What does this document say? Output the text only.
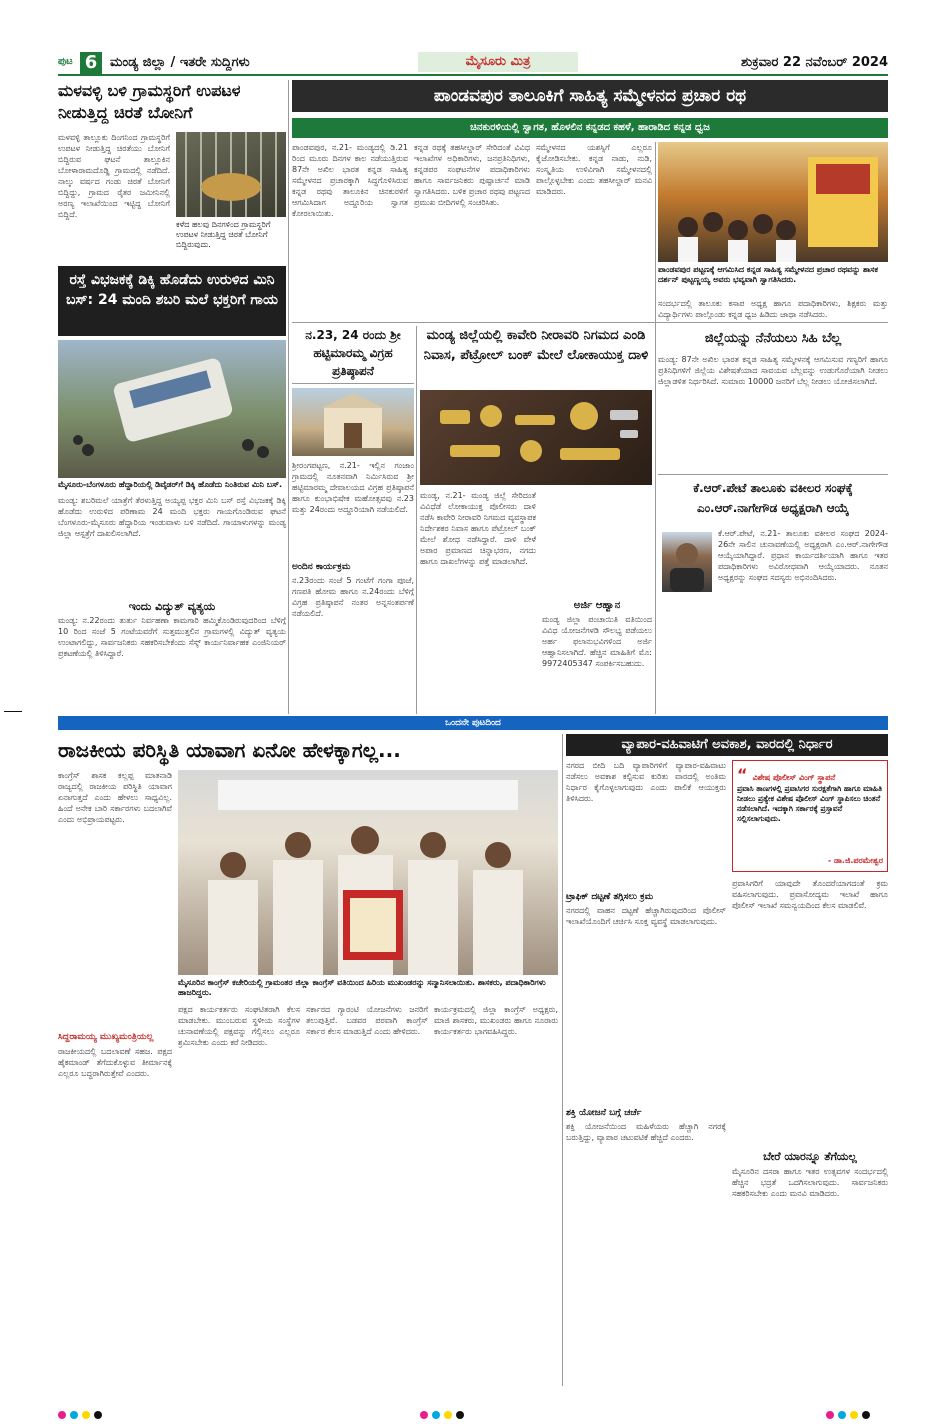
ಪುಟ 6 ಮಂಡ್ಯ ಜಿಲ್ಲಾ / ಇತರೇ ಸುದ್ದಿಗಳು	ಮೈಸೂರು ಮಿತ್ರ	ಶುಕ್ರವಾರ 22 ನವೆಂಬರ್ 2024
ಮಳವಳ್ಳಿ ಬಳಿ ಗ್ರಾಮಸ್ಥರಿಗೆ ಉಪಟಳ ನೀಡುತ್ತಿದ್ದ ಚಿರತೆ ಬೋನಿಗೆ
ಮಳವಳ್ಳಿ ತಾಲ್ಲೂಕು ದಿಂಗನಿಂದ ಗ್ರಾಮಸ್ಥರಿಗೆ ಉಪಟಳ ನೀಡುತ್ತಿದ್ದ ಚಿರತೆಯು ಬೋನಿಗೆ ಬಿದ್ದಿರುವ ಘಟನೆ ತಾಲ್ಲೂಕಿನ ಬೋಳಾರಾಮದೊಡ್ಡಿ ಗ್ರಾಮದಲ್ಲಿ ನಡೆದಿದೆ. ನಾಲ್ಕು ವರ್ಷದ ಗಂಡು ಚಿರತೆ ಬೋನಿಗೆ ಬಿದ್ದಿದ್ದು, ಗ್ರಾಮದ ರೈತರ ಜಮೀನಿನಲ್ಲಿ ಅರಣ್ಯ ಇಲಾಖೆಯಿಂದ ಇಟ್ಟಿದ್ದ ಬೋನಿಗೆ ಬಿದ್ದಿದೆ.
ಕಳೆದ ಹಲವು ದಿನಗಳಿಂದ ಗ್ರಾಮಸ್ಥರಿಗೆ ಉಪಟಳ ನೀಡುತ್ತಿದ್ದ ಚಿರತೆ ಬೋನಿಗೆ ಬಿದ್ದಿರುವುದು.
ರಸ್ತೆ ವಿಭಜಕಕ್ಕೆ ಡಿಕ್ಕಿ ಹೊಡೆದು ಉರುಳಿದ ಮಿನಿ ಬಸ್: 24 ಮಂದಿ ಶಬರಿ ಮಲೆ ಭಕ್ತರಿಗೆ ಗಾಯ
ಮೈಸೂರು-ಬೆಂಗಳೂರು ಹೆದ್ದಾರಿಯಲ್ಲಿ ಡಿವೈಡರ್‌ಗೆ ಡಿಕ್ಕಿ ಹೊಡೆದು ನಿಂತಿರುವ ಮಿನಿ ಬಸ್.
ಮಂಡ್ಯ: ಶಬರಿಮಲೆ ಯಾತ್ರೆಗೆ ತೆರಳುತ್ತಿದ್ದ ಅಯ್ಯಪ್ಪ ಭಕ್ತರ ಮಿನಿ ಬಸ್ ರಸ್ತೆ ವಿಭಜಕಕ್ಕೆ ಡಿಕ್ಕಿ ಹೊಡೆದು ಉರುಳಿದ ಪರಿಣಾಮ 24 ಮಂದಿ ಭಕ್ತರು ಗಾಯಗೊಂಡಿರುವ ಘಟನೆ ಬೆಂಗಳೂರು-ಮೈಸೂರು ಹೆದ್ದಾರಿಯ ಇಂಡುವಾಳು ಬಳಿ ನಡೆದಿದೆ. ಗಾಯಾಳುಗಳನ್ನು ಮಂಡ್ಯ ಜಿಲ್ಲಾ ಆಸ್ಪತ್ರೆಗೆ ದಾಖಲಿಸಲಾಗಿದೆ.
ಇಂದು ವಿದ್ಯುತ್ ವ್ಯತ್ಯಯ
ಮಂಡ್ಯ: ನ.22ರಂದು ತುರ್ತು ನಿರ್ವಹಣಾ ಕಾಮಗಾರಿ ಹಮ್ಮಿಕೊಂಡಿರುವುದರಿಂದ ಬೆಳಿಗ್ಗೆ 10 ರಿಂದ ಸಂಜೆ 5 ಗಂಟೆಯವರೆಗೆ ಸುತ್ತಮುತ್ತಲಿನ ಗ್ರಾಮಗಳಲ್ಲಿ ವಿದ್ಯುತ್ ವ್ಯತ್ಯಯ ಉಂಟಾಗಲಿದ್ದು, ಸಾರ್ವಜನಿಕರು ಸಹಕರಿಸಬೇಕೆಂದು ಸೆಸ್ಕ್ ಕಾರ್ಯನಿರ್ವಾಹಕ ಎಂಜಿನಿಯರ್ ಪ್ರಕಟಣೆಯಲ್ಲಿ ತಿಳಿಸಿದ್ದಾರೆ.
ಪಾಂಡವಪುರ ತಾಲೂಕಿಗೆ ಸಾಹಿತ್ಯ ಸಮ್ಮೇಳನದ ಪ್ರಚಾರ ರಥ
ಚಿನಕುರಳಿಯಲ್ಲಿ ಸ್ವಾಗತ, ಹೊಳಲಿನ ಕನ್ನಡದ ಕಹಳೆ, ಹಾರಾಡಿದ ಕನ್ನಡ ಧ್ವಜ
ಪಾಂಡವಪುರ, ನ.21- ಮಂಡ್ಯದಲ್ಲಿ ಡಿ.21 ರಿಂದ ಮೂರು ದಿನಗಳ ಕಾಲ ನಡೆಯುತ್ತಿರುವ 87ನೇ ಅಖಿಲ ಭಾರತ ಕನ್ನಡ ಸಾಹಿತ್ಯ ಸಮ್ಮೇಳನದ ಪ್ರಚಾರಕ್ಕಾಗಿ ಸಿದ್ಧಗೊಳಿಸಿರುವ ಕನ್ನಡ ರಥವು ತಾಲೂಕಿನ ಚಿನಕುರಳಿಗೆ ಆಗಮಿಸಿದಾಗ ಅದ್ದೂರಿಯ ಸ್ವಾಗತ ಕೋರಲಾಯಿತು.
ಕನ್ನಡ ರಥಕ್ಕೆ ತಹಸೀಲ್ದಾರ್ ಸೇರಿದಂತೆ ವಿವಿಧ ಇಲಾಖೆಗಳ ಅಧಿಕಾರಿಗಳು, ಜನಪ್ರತಿನಿಧಿಗಳು, ಕನ್ನಡಪರ ಸಂಘಟನೆಗಳ ಪದಾಧಿಕಾರಿಗಳು ಹಾಗೂ ಸಾರ್ವಜನಿಕರು ಪುಷ್ಪಾರ್ಚನೆ ಮಾಡಿ ಸ್ವಾಗತಿಸಿದರು. ಬಳಿಕ ಪ್ರಚಾರ ರಥವು ಪಟ್ಟಣದ ಪ್ರಮುಖ ಬೀದಿಗಳಲ್ಲಿ ಸಂಚರಿಸಿತು.
ಸಮ್ಮೇಳನದ ಯಶಸ್ಸಿಗೆ ಎಲ್ಲರೂ ಕೈಜೋಡಿಸಬೇಕು. ಕನ್ನಡ ನಾಡು, ನುಡಿ, ಸಂಸ್ಕೃತಿಯ ಉಳಿವಿಗಾಗಿ ಸಮ್ಮೇಳನದಲ್ಲಿ ಪಾಲ್ಗೊಳ್ಳಬೇಕು ಎಂದು ತಹಸೀಲ್ದಾರ್ ಮನವಿ ಮಾಡಿದರು.
ಪಾಂಡವಪುರ ಪಟ್ಟಣಕ್ಕೆ ಆಗಮಿಸಿದ ಕನ್ನಡ ಸಾಹಿತ್ಯ ಸಮ್ಮೇಳನದ ಪ್ರಚಾರ ರಥವನ್ನು ಶಾಸಕ ದರ್ಶನ್ ಪುಟ್ಟಣ್ಣಯ್ಯ ಅವರು ಭವ್ಯವಾಗಿ ಸ್ವಾಗತಿಸಿದರು.
ಸಂದರ್ಭದಲ್ಲಿ ತಾಲೂಕು ಕಸಾಪ ಅಧ್ಯಕ್ಷ ಹಾಗೂ ಪದಾಧಿಕಾರಿಗಳು, ಶಿಕ್ಷಕರು ಮತ್ತು ವಿದ್ಯಾರ್ಥಿಗಳು ಪಾಲ್ಗೊಂಡು ಕನ್ನಡ ಧ್ವಜ ಹಿಡಿದು ಜಾಥಾ ನಡೆಸಿದರು.
ನ.23, 24 ರಂದು ಶ್ರೀ ಹಟ್ಟಿಮಾರಮ್ಮ ವಿಗ್ರಹ ಪ್ರತಿಷ್ಠಾಪನೆ
ಶ್ರೀರಂಗಪಟ್ಟಣ, ನ.21- ಇಲ್ಲಿನ ಗಂಜಾಂ ಗ್ರಾಮದಲ್ಲಿ ನೂತನವಾಗಿ ನಿರ್ಮಿಸಿರುವ ಶ್ರೀ ಹಟ್ಟಿಮಾರಮ್ಮ ದೇವಾಲಯದ ವಿಗ್ರಹ ಪ್ರತಿಷ್ಠಾಪನೆ ಹಾಗೂ ಕುಂಭಾಭಿಷೇಕ ಮಹೋತ್ಸವವು ನ.23 ಮತ್ತು 24ರಂದು ಅದ್ದೂರಿಯಾಗಿ ನಡೆಯಲಿದೆ.
ಅಂದಿನ ಕಾರ್ಯಕ್ರಮ
ನ.23ರಂದು ಸಂಜೆ 5 ಗಂಟೆಗೆ ಗಂಗಾ ಪೂಜೆ, ಗಣಪತಿ ಹೋಮ ಹಾಗೂ ನ.24ರಂದು ಬೆಳಿಗ್ಗೆ ವಿಗ್ರಹ ಪ್ರತಿಷ್ಠಾಪನೆ ನಂತರ ಅನ್ನಸಂತರ್ಪಣೆ ನಡೆಯಲಿದೆ.
ಮಂಡ್ಯ ಜಿಲ್ಲೆಯಲ್ಲಿ ಕಾವೇರಿ ನೀರಾವರಿ ನಿಗಮದ ಎಂಡಿ ನಿವಾಸ, ಪೆಟ್ರೋಲ್ ಬಂಕ್ ಮೇಲೆ ಲೋಕಾಯುಕ್ತ ದಾಳಿ
ಮಂಡ್ಯ, ನ.21- ಮಂಡ್ಯ ಜಿಲ್ಲೆ ಸೇರಿದಂತೆ ವಿವಿಧೆಡೆ ಲೋಕಾಯುಕ್ತ ಪೊಲೀಸರು ದಾಳಿ ನಡೆಸಿ ಕಾವೇರಿ ನೀರಾವರಿ ನಿಗಮದ ವ್ಯವಸ್ಥಾಪಕ ನಿರ್ದೇಶಕರ ನಿವಾಸ ಹಾಗೂ ಪೆಟ್ರೋಲ್ ಬಂಕ್ ಮೇಲೆ ಶೋಧ ನಡೆಸಿದ್ದಾರೆ. ದಾಳಿ ವೇಳೆ ಅಪಾರ ಪ್ರಮಾಣದ ಚಿನ್ನಾಭರಣ, ನಗದು ಹಾಗೂ ದಾಖಲೆಗಳನ್ನು ಪತ್ತೆ ಮಾಡಲಾಗಿದೆ.
ಅರ್ಜಿ ಆಹ್ವಾನ
ಮಂಡ್ಯ ಜಿಲ್ಲಾ ಪಂಚಾಯಿತಿ ವತಿಯಿಂದ ವಿವಿಧ ಯೋಜನೆಗಳಡಿ ಸೌಲಭ್ಯ ಪಡೆಯಲು ಅರ್ಹ ಫಲಾನುಭವಿಗಳಿಂದ ಅರ್ಜಿ ಆಹ್ವಾನಿಸಲಾಗಿದೆ. ಹೆಚ್ಚಿನ ಮಾಹಿತಿಗೆ ಮೊ: 9972405347 ಸಂಪರ್ಕಿಸಬಹುದು.
ಜಿಲ್ಲೆಯನ್ನು ನೆನೆಯಲು ಸಿಹಿ ಬೆಲ್ಲ
ಮಂಡ್ಯ: 87ನೇ ಅಖಿಲ ಭಾರತ ಕನ್ನಡ ಸಾಹಿತ್ಯ ಸಮ್ಮೇಳನಕ್ಕೆ ಆಗಮಿಸುವ ಗಣ್ಯರಿಗೆ ಹಾಗೂ ಪ್ರತಿನಿಧಿಗಳಿಗೆ ಜಿಲ್ಲೆಯ ವಿಶೇಷತೆಯಾದ ಸಾವಯವ ಬೆಲ್ಲವನ್ನು ಉಡುಗೊರೆಯಾಗಿ ನೀಡಲು ಜಿಲ್ಲಾಡಳಿತ ನಿರ್ಧರಿಸಿದೆ. ಸುಮಾರು 10000 ಜನರಿಗೆ ಬೆಲ್ಲ ನೀಡಲು ಯೋಜಿಸಲಾಗಿದೆ.
ಕೆ.ಆರ್.ಪೇಟೆ ತಾಲೂಕು ವಕೀಲರ ಸಂಘಕ್ಕೆ ಎಂ.ಆರ್.ನಾಗೇಗೌಡ ಅಧ್ಯಕ್ಷರಾಗಿ ಆಯ್ಕೆ
ಕೆ.ಆರ್.ಪೇಟೆ, ನ.21- ತಾಲೂಕು ವಕೀಲರ ಸಂಘದ 2024-26ನೇ ಸಾಲಿನ ಚುನಾವಣೆಯಲ್ಲಿ ಅಧ್ಯಕ್ಷರಾಗಿ ಎಂ.ಆರ್.ನಾಗೇಗೌಡ ಆಯ್ಕೆಯಾಗಿದ್ದಾರೆ. ಪ್ರಧಾನ ಕಾರ್ಯದರ್ಶಿಯಾಗಿ ಹಾಗೂ ಇತರ ಪದಾಧಿಕಾರಿಗಳು ಅವಿರೋಧವಾಗಿ ಆಯ್ಕೆಯಾದರು. ನೂತನ ಅಧ್ಯಕ್ಷರನ್ನು ಸಂಘದ ಸದಸ್ಯರು ಅಭಿನಂದಿಸಿದರು.
ಒಂದನೇ ಪುಟದಿಂದ
ರಾಜಕೀಯ ಪರಿಸ್ಥಿತಿ ಯಾವಾಗ ಏನೋ ಹೇಳಕ್ಕಾಗಲ್ಲ...
ಕಾಂಗ್ರೆಸ್ ಶಾಸಕ ಕಲ್ಲಪ್ಪ ಮಾತನಾಡಿ ರಾಜ್ಯದಲ್ಲಿ ರಾಜಕೀಯ ಪರಿಸ್ಥಿತಿ ಯಾವಾಗ ಏನಾಗುತ್ತದೆ ಎಂದು ಹೇಳಲು ಸಾಧ್ಯವಿಲ್ಲ. ಹಿಂದೆ ಅನೇಕ ಬಾರಿ ಸರ್ಕಾರಗಳು ಬದಲಾಗಿವೆ ಎಂದು ಅಭಿಪ್ರಾಯಪಟ್ಟರು.
ಸಿದ್ದರಾಮಯ್ಯ ಮುಖ್ಯಮಂತ್ರಿಯಲ್ಲ
ರಾಜಕೀಯದಲ್ಲಿ ಬದಲಾವಣೆ ಸಹಜ. ಪಕ್ಷದ ಹೈಕಮಾಂಡ್ ತೆಗೆದುಕೊಳ್ಳುವ ತೀರ್ಮಾನಕ್ಕೆ ಎಲ್ಲರೂ ಬದ್ಧರಾಗಿರುತ್ತೇವೆ ಎಂದರು.
ಮೈಸೂರಿನ ಕಾಂಗ್ರೆಸ್ ಕಚೇರಿಯಲ್ಲಿ ಗ್ರಾಮಂತರ ಜಿಲ್ಲಾ ಕಾಂಗ್ರೆಸ್ ವತಿಯಿಂದ ಹಿರಿಯ ಮುಖಂಡರನ್ನು ಸನ್ಮಾನಿಸಲಾಯಿತು. ಶಾಸಕರು, ಪದಾಧಿಕಾರಿಗಳು ಹಾಜರಿದ್ದರು.
ಪಕ್ಷದ ಕಾರ್ಯಕರ್ತರು ಸಂಘಟಿತರಾಗಿ ಕೆಲಸ ಮಾಡಬೇಕು. ಮುಂಬರುವ ಸ್ಥಳೀಯ ಸಂಸ್ಥೆಗಳ ಚುನಾವಣೆಯಲ್ಲಿ ಪಕ್ಷವನ್ನು ಗೆಲ್ಲಿಸಲು ಎಲ್ಲರೂ ಶ್ರಮಿಸಬೇಕು ಎಂದು ಕರೆ ನೀಡಿದರು.
ಸರ್ಕಾರದ ಗ್ಯಾರಂಟಿ ಯೋಜನೆಗಳು ಜನರಿಗೆ ತಲುಪುತ್ತಿವೆ. ಬಡವರ ಪರವಾಗಿ ಕಾಂಗ್ರೆಸ್ ಸರ್ಕಾರ ಕೆಲಸ ಮಾಡುತ್ತಿದೆ ಎಂದು ಹೇಳಿದರು.
ಕಾರ್ಯಕ್ರಮದಲ್ಲಿ ಜಿಲ್ಲಾ ಕಾಂಗ್ರೆಸ್ ಅಧ್ಯಕ್ಷರು, ಮಾಜಿ ಶಾಸಕರು, ಮುಖಂಡರು ಹಾಗೂ ನೂರಾರು ಕಾರ್ಯಕರ್ತರು ಭಾಗವಹಿಸಿದ್ದರು.
ವ್ಯಾಪಾರ-ವಹಿವಾಟಿಗೆ ಅವಕಾಶ, ವಾರದಲ್ಲಿ ನಿರ್ಧಾರ
ನಗರದ ಬೀದಿ ಬದಿ ವ್ಯಾಪಾರಿಗಳಿಗೆ ವ್ಯಾಪಾರ-ವಹಿವಾಟು ನಡೆಸಲು ಅವಕಾಶ ಕಲ್ಪಿಸುವ ಕುರಿತು ವಾರದಲ್ಲಿ ಅಂತಿಮ ನಿರ್ಧಾರ ಕೈಗೊಳ್ಳಲಾಗುವುದು ಎಂದು ಪಾಲಿಕೆ ಆಯುಕ್ತರು ತಿಳಿಸಿದರು.
ಟ್ರಾಫಿಕ್ ದಟ್ಟಣೆ ತಗ್ಗಿಸಲು ಕ್ರಮ
ನಗರದಲ್ಲಿ ವಾಹನ ದಟ್ಟಣೆ ಹೆಚ್ಚಾಗಿರುವುದರಿಂದ ಪೊಲೀಸ್ ಇಲಾಖೆಯೊಂದಿಗೆ ಚರ್ಚಿಸಿ ಸೂಕ್ತ ವ್ಯವಸ್ಥೆ ಮಾಡಲಾಗುವುದು.
ಶಕ್ತಿ ಯೋಜನೆ ಬಗ್ಗೆ ಚರ್ಚೆ
ಶಕ್ತಿ ಯೋಜನೆಯಿಂದ ಮಹಿಳೆಯರು ಹೆಚ್ಚಾಗಿ ನಗರಕ್ಕೆ ಬರುತ್ತಿದ್ದು, ವ್ಯಾಪಾರ ಚಟುವಟಿಕೆ ಹೆಚ್ಚಿದೆ ಎಂದರು.
“ ವಿಶೇಷ ಪೊಲೀಸ್ ವಿಂಗ್ ಸ್ಥಾಪನೆ
ಪ್ರವಾಸಿ ತಾಣಗಳಲ್ಲಿ ಪ್ರವಾಸಿಗರ ಸುರಕ್ಷತೆಗಾಗಿ ಹಾಗೂ ಮಾಹಿತಿ ನೀಡಲು ಪ್ರತ್ಯೇಕ ವಿಶೇಷ ಪೊಲೀಸ್ ವಿಂಗ್ ಸ್ಥಾಪಿಸಲು ಚಿಂತನೆ ನಡೆಸಲಾಗಿದೆ. ಇದಕ್ಕಾಗಿ ಸರ್ಕಾರಕ್ಕೆ ಪ್ರಸ್ತಾವನೆ ಸಲ್ಲಿಸಲಾಗುವುದು.
- ಡಾ.ಜಿ.ಪರಮೇಶ್ವರ
ಪ್ರವಾಸಿಗರಿಗೆ ಯಾವುದೇ ತೊಂದರೆಯಾಗದಂತೆ ಕ್ರಮ ವಹಿಸಲಾಗುವುದು. ಪ್ರವಾಸೋದ್ಯಮ ಇಲಾಖೆ ಹಾಗೂ ಪೊಲೀಸ್ ಇಲಾಖೆ ಸಮನ್ವಯದಿಂದ ಕೆಲಸ ಮಾಡಲಿವೆ.
ಬೇರೆ ಯಾರನ್ನೂ ತೆಗೆಯಲ್ಲ
ಮೈಸೂರಿನ ದಸರಾ ಹಾಗೂ ಇತರ ಉತ್ಸವಗಳ ಸಂದರ್ಭದಲ್ಲಿ ಹೆಚ್ಚಿನ ಭದ್ರತೆ ಒದಗಿಸಲಾಗುವುದು. ಸಾರ್ವಜನಿಕರು ಸಹಕರಿಸಬೇಕು ಎಂದು ಮನವಿ ಮಾಡಿದರು.
